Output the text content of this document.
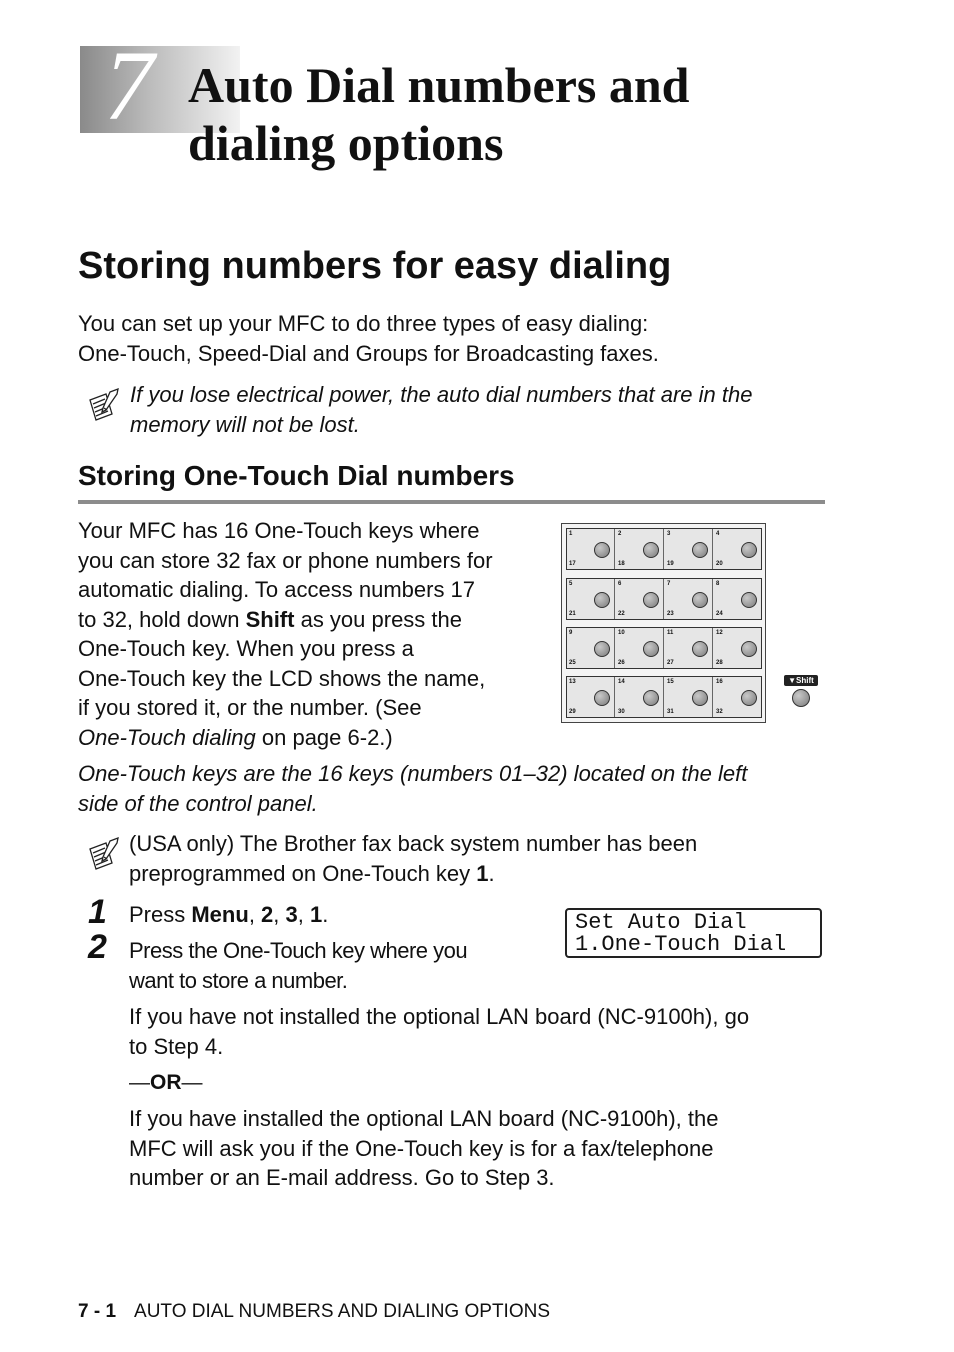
7 Auto Dial numbers and
dialing options
Storing numbers for easy dialing
You can set up your MFC to do three types of easy dialing:
One-Touch, Speed-Dial and Groups for Broadcasting faxes.
If you lose electrical power, the auto dial numbers that are in the
memory will not be lost.
Storing One-Touch Dial numbers
Your MFC has 16 One-Touch keys where
you can store 32 fax or phone numbers for
automatic dialing. To access numbers 17
to 32, hold down Shift as you press the
One-Touch key. When you press a
One-Touch key the LCD shows the name,
if you stored it, or the number. (See
One-Touch dialing on page 6-2.)
1
17
2
18
3
19
4
20
5
21
6
22
7
23
8
24
9
25
10
26
11
27
12
28
13
29
14
30
15
31
16
32
▼Shift
One-Touch keys are the 16 keys (numbers 01–32) located on the left
side of the control panel.
(USA only) The Brother fax back system number has been
preprogrammed on One-Touch key 1.
1 Press Menu, 2, 3, 1.	Set Auto Dial
1.One-Touch Dial
2 Press the One-Touch key where you
want to store a number.
If you have not installed the optional LAN board (NC-9100h), go
to Step 4.
—OR—
If you have installed the optional LAN board (NC-9100h), the
MFC will ask you if the One-Touch key is for a fax/telephone
number or an E-mail address. Go to Step 3.
7 - 1 AUTO DIAL NUMBERS AND DIALING OPTIONS
